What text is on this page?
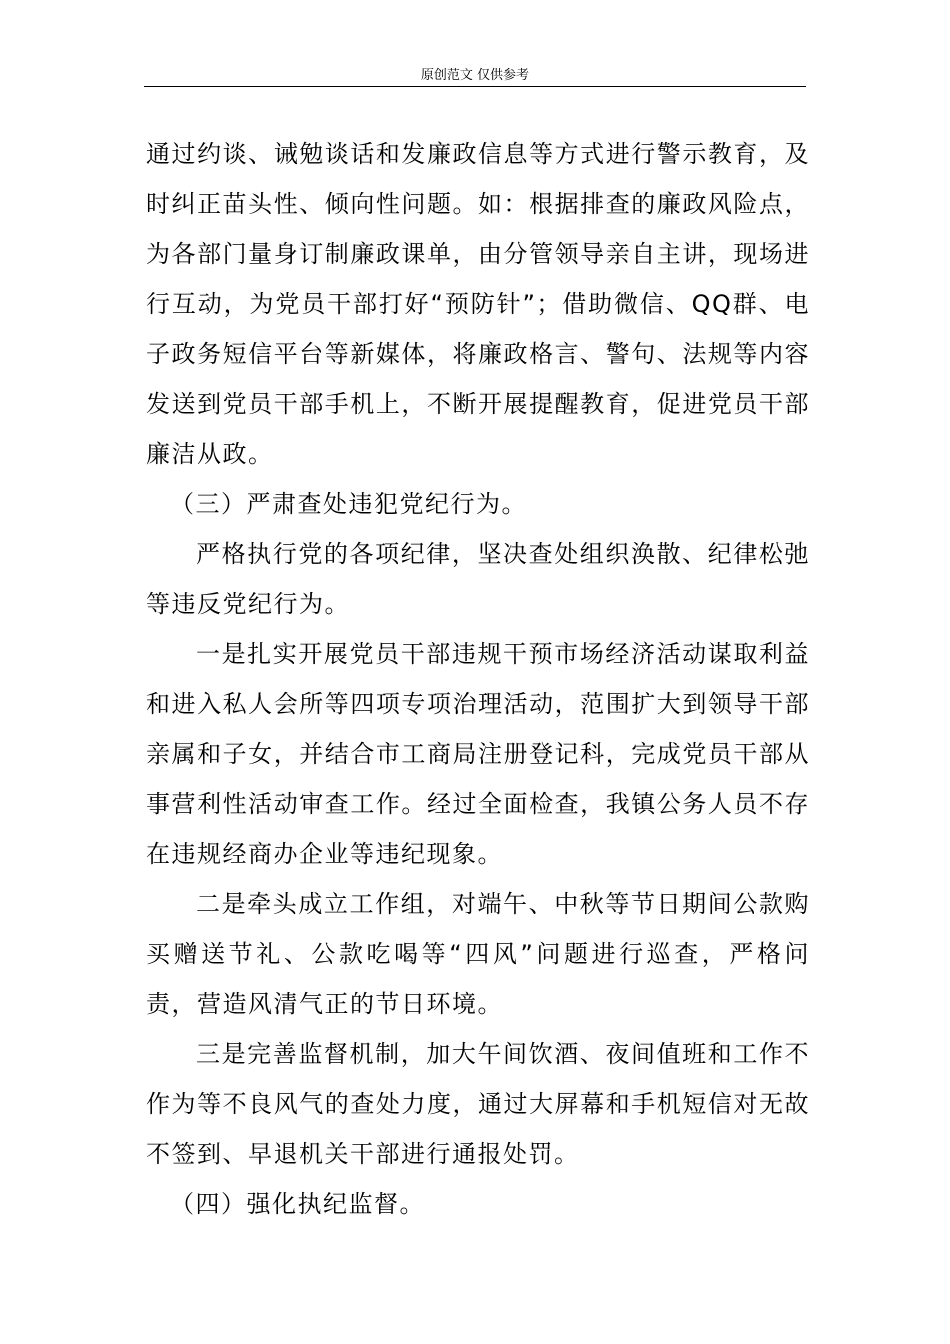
原创范文 仅供参考

通过约谈、诫勉谈话和发廉政信息等方式进行警示教育，及时纠正苗头性、倾向性问题。如：根据排查的廉政风险点，为各部门量身订制廉政课单，由分管领导亲自主讲，现场进行互动，为党员干部打好“预防针”；借助微信、QQ群、电子政务短信平台等新媒体，将廉政格言、警句、法规等内容发送到党员干部手机上，不断开展提醒教育，促进党员干部廉洁从政。

（三）严肃查处违犯党纪行为。

严格执行党的各项纪律，坚决查处组织涣散、纪律松弛等违反党纪行为。

一是扎实开展党员干部违规干预市场经济活动谋取利益和进入私人会所等四项专项治理活动，范围扩大到领导干部亲属和子女，并结合市工商局注册登记科，完成党员干部从事营利性活动审查工作。经过全面检查，我镇公务人员不存在违规经商办企业等违纪现象。

二是牵头成立工作组，对端午、中秋等节日期间公款购买赠送节礼、公款吃喝等“四风”问题进行巡查，严格问责，营造风清气正的节日环境。

三是完善监督机制，加大午间饮酒、夜间值班和工作不作为等不良风气的查处力度，通过大屏幕和手机短信对无故不签到、早退机关干部进行通报处罚。

（四）强化执纪监督。
